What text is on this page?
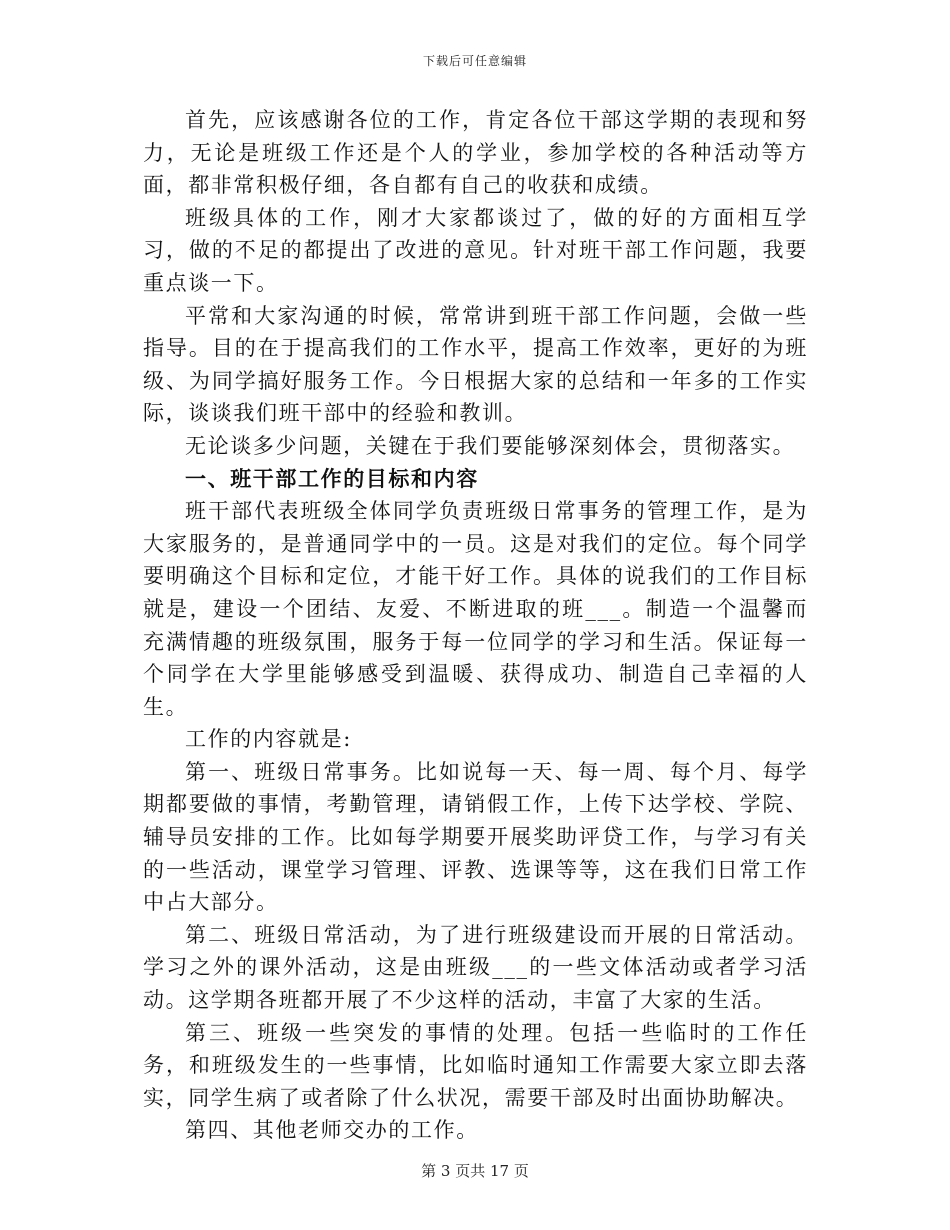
下载后可任意编辑

首先，应该感谢各位的工作，肯定各位干部这学期的表现和努力，无论是班级工作还是个人的学业，参加学校的各种活动等方面，都非常积极仔细，各自都有自己的收获和成绩。

班级具体的工作，刚才大家都谈过了，做的好的方面相互学习，做的不足的都提出了改进的意见。针对班干部工作问题，我要重点谈一下。

平常和大家沟通的时候，常常讲到班干部工作问题，会做一些指导。目的在于提高我们的工作水平，提高工作效率，更好的为班级、为同学搞好服务工作。今日根据大家的总结和一年多的工作实际，谈谈我们班干部中的经验和教训。

无论谈多少问题，关键在于我们要能够深刻体会，贯彻落实。

一、班干部工作的目标和内容

班干部代表班级全体同学负责班级日常事务的管理工作，是为大家服务的，是普通同学中的一员。这是对我们的定位。每个同学要明确这个目标和定位，才能干好工作。具体的说我们的工作目标就是，建设一个团结、友爱、不断进取的班___。制造一个温馨而充满情趣的班级氛围，服务于每一位同学的学习和生活。保证每一个同学在大学里能够感受到温暖、获得成功、制造自己幸福的人生。

工作的内容就是:

第一、班级日常事务。比如说每一天、每一周、每个月、每学期都要做的事情，考勤管理，请销假工作，上传下达学校、学院、辅导员安排的工作。比如每学期要开展奖助评贷工作，与学习有关的一些活动，课堂学习管理、评教、选课等等，这在我们日常工作中占大部分。

第二、班级日常活动，为了进行班级建设而开展的日常活动。学习之外的课外活动，这是由班级___的一些文体活动或者学习活动。这学期各班都开展了不少这样的活动，丰富了大家的生活。

第三、班级一些突发的事情的处理。包括一些临时的工作任务，和班级发生的一些事情，比如临时通知工作需要大家立即去落实，同学生病了或者除了什么状况，需要干部及时出面协助解决。

第四、其他老师交办的工作。

第 3 页共 17 页
